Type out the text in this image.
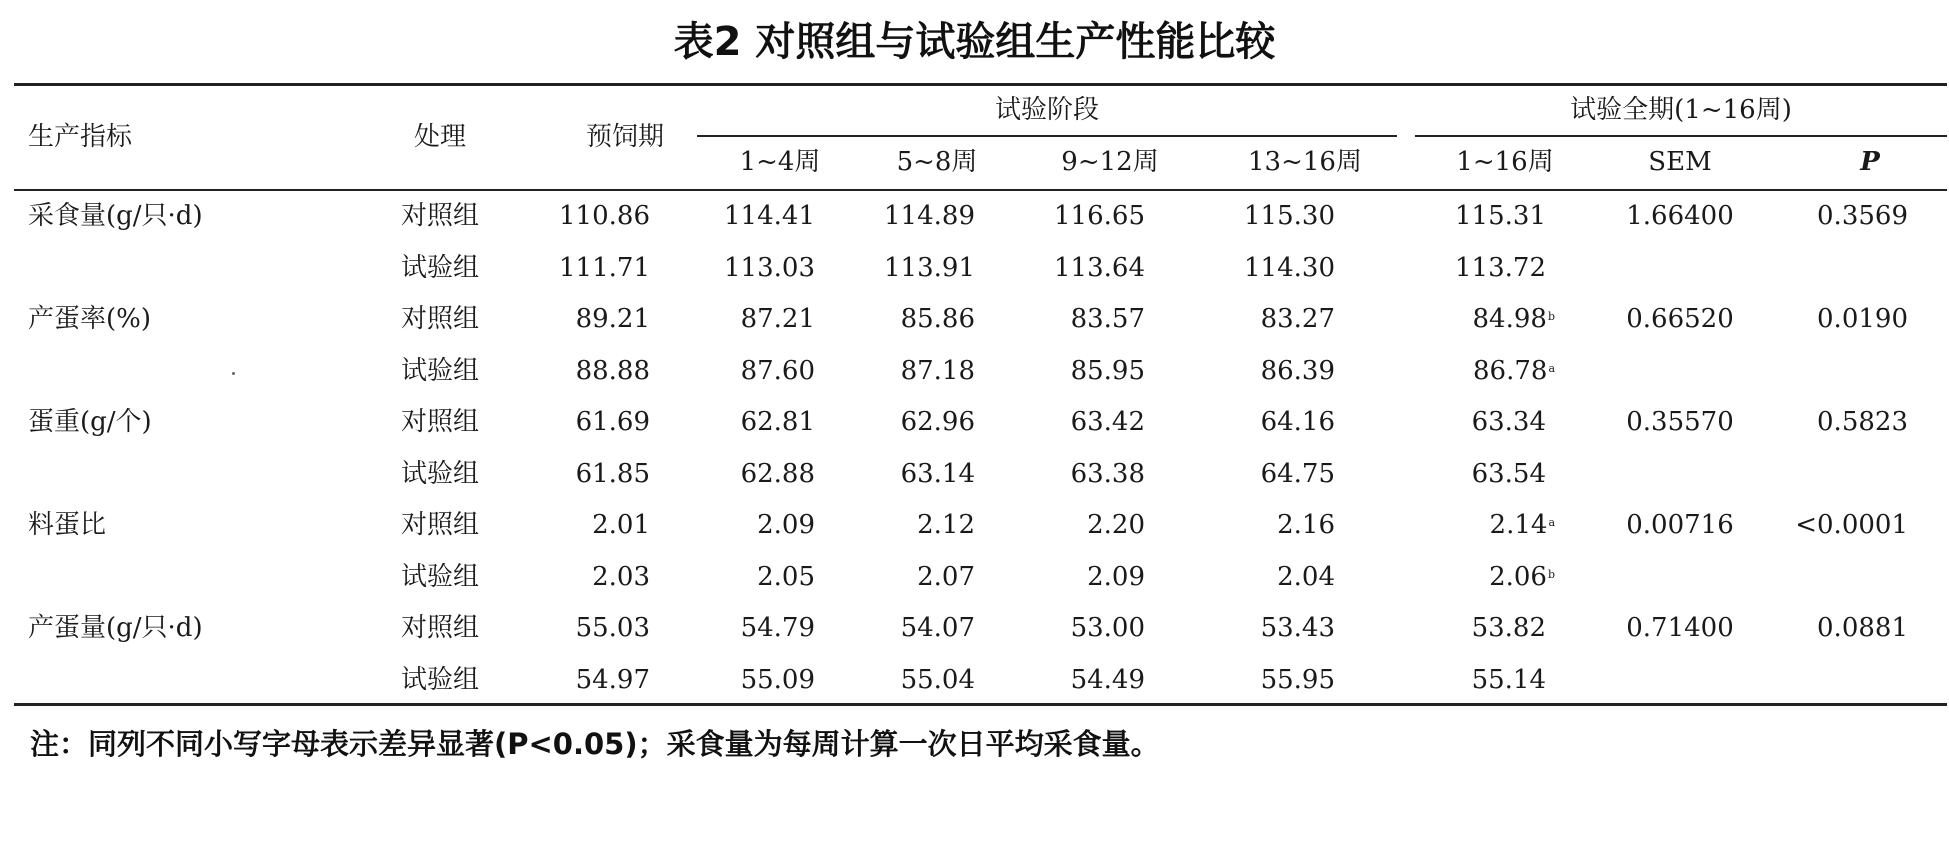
表2 对照组与试验组生产性能比较
生产指标	处理	预饲期
试验阶段	试验全期(1~16周)
1~4周	5~8周	9~12周	13~16周	1~16周	SEM	P
采食量(g/只·d)	对照组	110.86	114.41	114.89	116.65	115.30	115.31	1.66400	0.3569
试验组	111.71	113.03	113.91	113.64	114.30	113.72
产蛋率(%)	对照组	89.21	87.21	85.86	83.57	83.27	84.98$^b$	0.66520	0.0190
试验组	88.88	87.60	87.18	85.95	86.39	86.78$^a$
蛋重(g/个)	对照组	61.69	62.81	62.96	63.42	64.16	63.34	0.35570	0.5823
试验组	61.85	62.88	63.14	63.38	64.75	63.54
料蛋比	对照组	2.01	2.09	2.12	2.20	2.16	2.14$^a$	0.00716	<0.0001
试验组	2.03	2.05	2.07	2.09	2.04	2.06$^b$
产蛋量(g/只·d)	对照组	55.03	54.79	54.07	53.00	53.43	53.82	0.71400	0.0881
试验组	54.97	55.09	55.04	54.49	55.95	55.14
注：同列不同小写字母表示差异显著(P<0.05)；采食量为每周计算一次日平均采食量。
